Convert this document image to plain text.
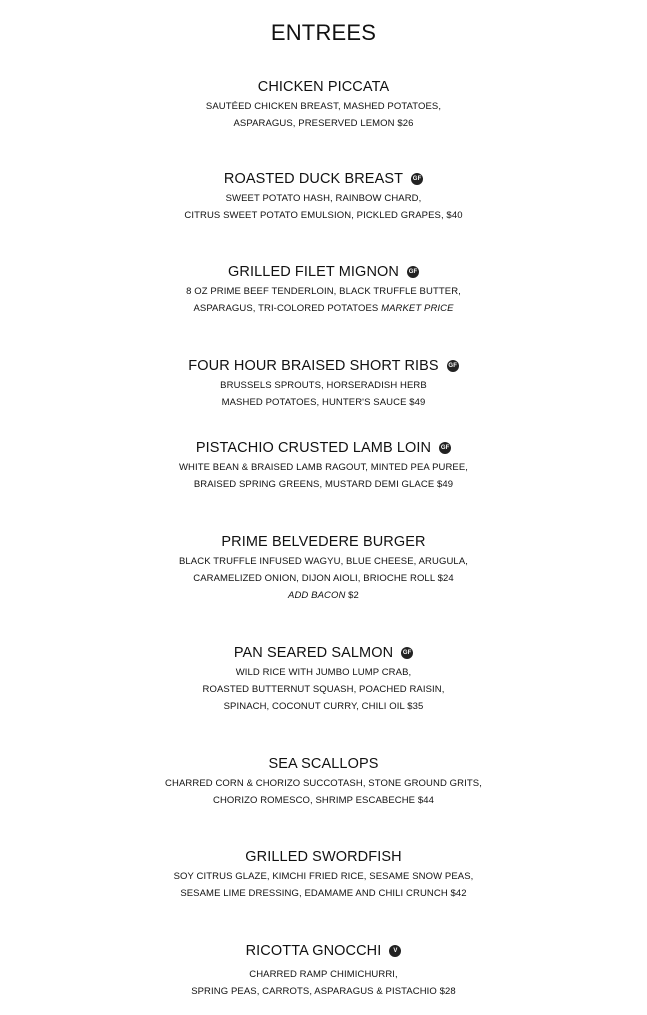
ENTREES
CHICKEN PICCATA
SAUTÉED CHICKEN BREAST, MASHED POTATOES,
ASPARAGUS, PRESERVED LEMON $26
ROASTED DUCK BREAST GF
SWEET POTATO HASH, RAINBOW CHARD,
CITRUS SWEET POTATO EMULSION, PICKLED GRAPES, $40
GRILLED FILET MIGNON GF
8 OZ PRIME BEEF TENDERLOIN, BLACK TRUFFLE BUTTER,
ASPARAGUS, TRI-COLORED POTATOES MARKET PRICE
FOUR HOUR BRAISED SHORT RIBS GF
BRUSSELS SPROUTS, HORSERADISH HERB
MASHED POTATOES, HUNTER'S SAUCE $49
PISTACHIO CRUSTED LAMB LOIN GF
WHITE BEAN & BRAISED LAMB RAGOUT, MINTED PEA PUREE,
BRAISED SPRING GREENS, MUSTARD DEMI GLACE $49
PRIME BELVEDERE BURGER
BLACK TRUFFLE INFUSED WAGYU, BLUE CHEESE, ARUGULA,
CARAMELIZED ONION, DIJON AIOLI, BRIOCHE ROLL $24
ADD BACON $2
PAN SEARED SALMON GF
WILD RICE WITH JUMBO LUMP CRAB,
ROASTED BUTTERNUT SQUASH, POACHED RAISIN,
SPINACH, COCONUT CURRY, CHILI OIL $35
SEA SCALLOPS
CHARRED CORN & CHORIZO SUCCOTASH, STONE GROUND GRITS,
CHORIZO ROMESCO, SHRIMP ESCABECHE $44
GRILLED SWORDFISH
SOY CITRUS GLAZE, KIMCHI FRIED RICE, SESAME SNOW PEAS,
SESAME LIME DRESSING, EDAMAME AND CHILI CRUNCH $42
RICOTTA GNOCCHI	V
CHARRED RAMP CHIMICHURRI,
SPRING PEAS, CARROTS, ASPARAGUS & PISTACHIO $28
